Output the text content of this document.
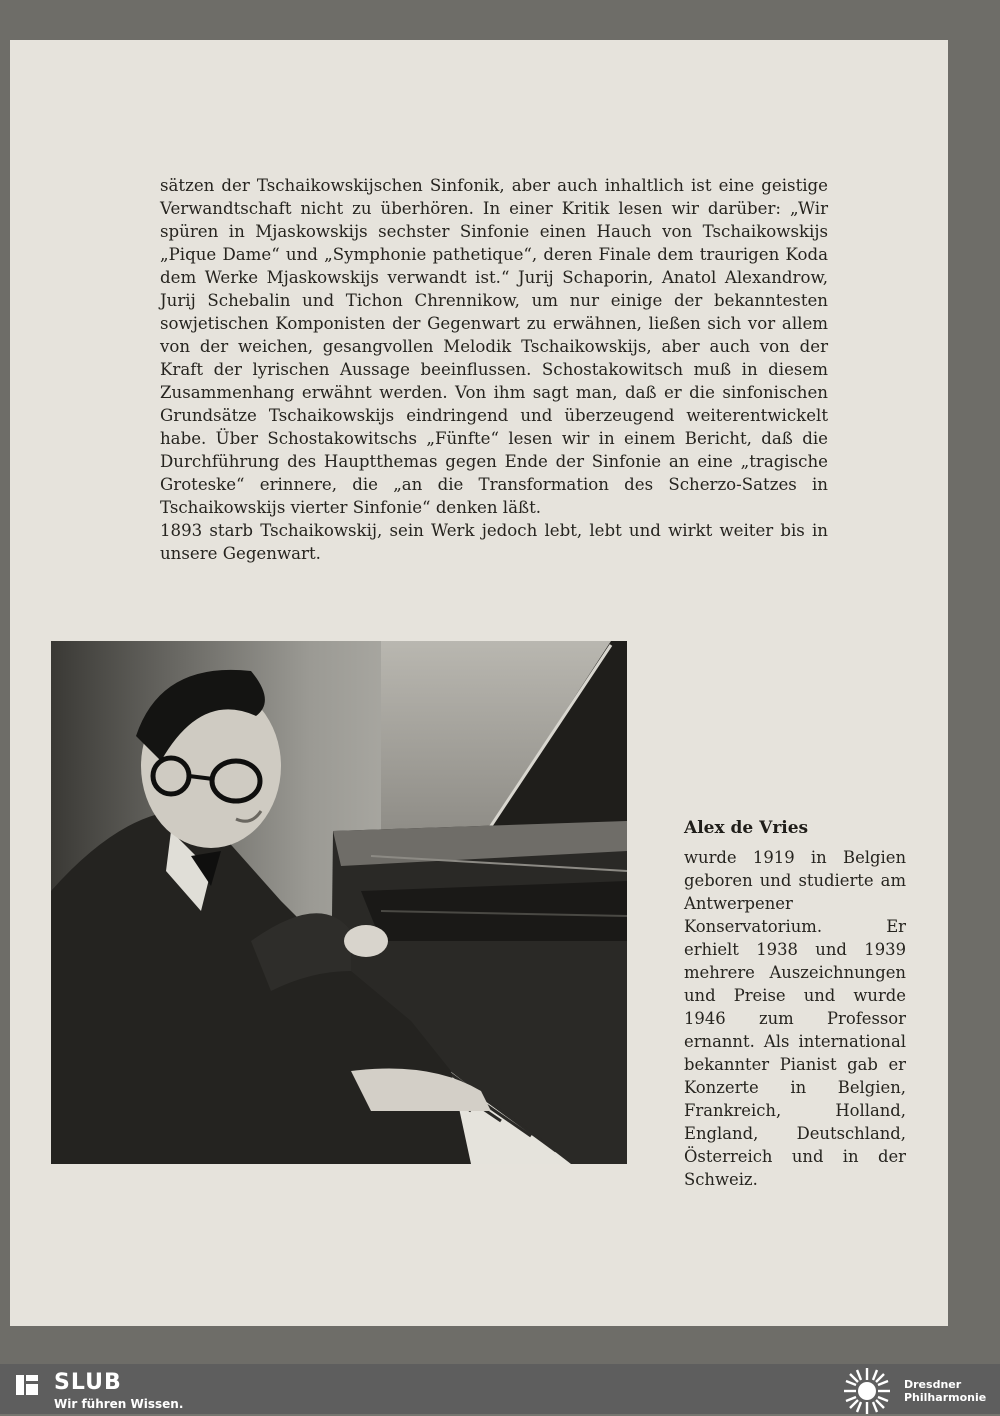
sätzen der Tschaikowskijschen Sinfonik, aber auch inhaltlich ist eine geistige Verwandtschaft nicht zu überhören. In einer Kritik lesen wir darüber: „Wir spüren in Mjaskowskijs sechster Sinfonie einen Hauch von Tschaikowskijs „Pique Dame“ und „Symphonie pathetique“, deren Finale dem traurigen Koda dem Werke Mjaskowskijs verwandt ist.“ Jurij Schaporin, Anatol Alexandrow, Jurij Schebalin und Tichon Chrennikow, um nur einige der bekanntesten sowjetischen Komponisten der Gegenwart zu erwähnen, ließen sich vor allem von der weichen, gesangvollen Melodik Tschaikowskijs, aber auch von der Kraft der lyrischen Aussage beeinflussen. Schostakowitsch muß in diesem Zusammenhang erwähnt werden. Von ihm sagt man, daß er die sinfonischen Grundsätze Tschaikowskijs eindringend und überzeugend weiterentwickelt habe. Über Schostakowitschs „Fünfte“ lesen wir in einem Bericht, daß die Durchführung des Hauptthemas gegen Ende der Sinfonie an eine „tragische Groteske“ erinnere, die „an die Transformation des Scherzo-Satzes in Tschaikowskijs vierter Sinfonie“ denken läßt.

1893 starb Tschaikowskij, sein Werk jedoch lebt, lebt und wirkt weiter bis in unsere Gegenwart.

Alex de Vries

wurde 1919 in Belgien geboren und studierte am Antwerpener Konservatorium. Er erhielt 1938 und 1939 mehrere Auszeichnungen und Preise und wurde 1946 zum Professor ernannt. Als international bekannter Pianist gab er Konzerte in Belgien, Frankreich, Holland, England, Deutschland, Österreich und in der Schweiz.

SLUB

Wir führen Wissen.

Dresdner
Philharmonie
